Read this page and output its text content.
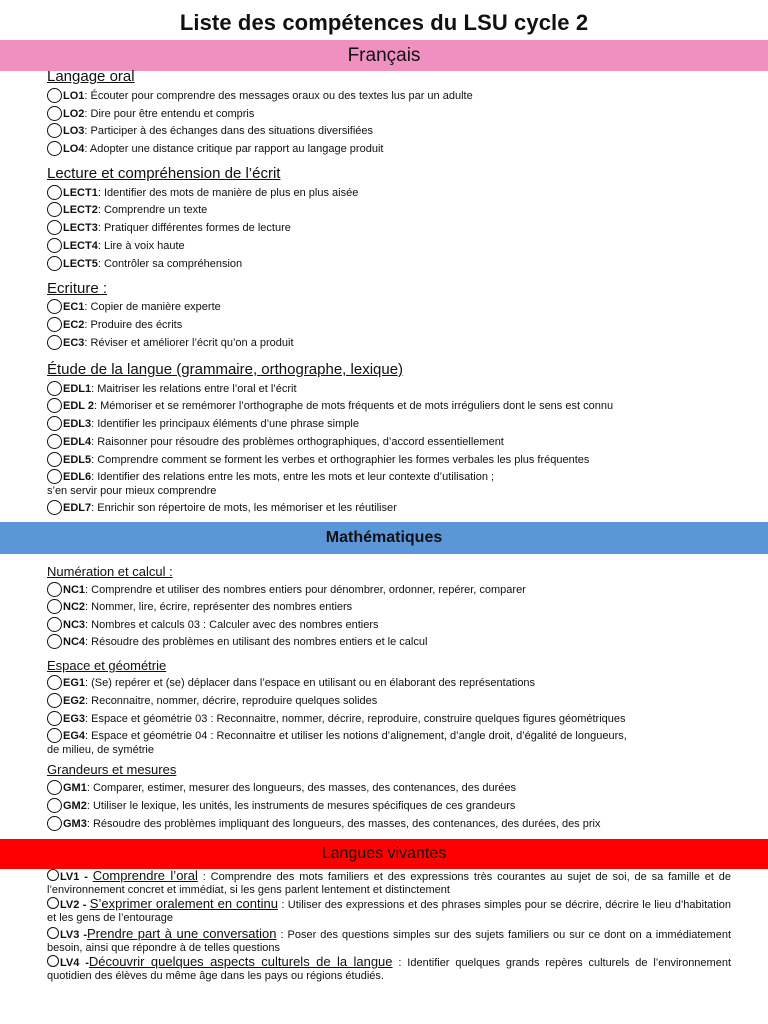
Liste des compétences du LSU cycle 2
Français
Langage oral
LO1 : Écouter pour comprendre des messages oraux ou des textes lus par un adulte
LO2 : Dire pour être entendu et compris
LO3 : Participer à des échanges dans des situations diversifiées
LO4 : Adopter une distance critique par rapport au langage produit
Lecture et compréhension de l’écrit
LECT1 : Identifier des mots de manière de plus en plus aisée
LECT2 : Comprendre un texte
LECT3 : Pratiquer différentes formes de lecture
LECT4 : Lire à voix haute
LECT5 : Contrôler sa compréhension
Ecriture :
EC1 : Copier de manière experte
EC2 : Produire des écrits
EC3 : Réviser et améliorer l’écrit qu’on a produit
Étude de la langue (grammaire, orthographe, lexique)
EDL1 : Maitriser les relations entre l’oral et l’écrit
EDL 2 : Mémoriser et se remémorer l’orthographe de mots fréquents et de mots irréguliers dont le sens est connu
EDL3 : Identifier les principaux éléments d’une phrase simple
EDL4 : Raisonner pour résoudre des problèmes orthographiques, d’accord essentiellement
EDL5 : Comprendre comment se forment les verbes et orthographier les formes verbales les plus fréquentes
EDL6 : Identifier des relations entre les mots, entre les mots et leur contexte d’utilisation ;
s’en servir pour mieux comprendre
EDL7 : Enrichir son répertoire de mots, les mémoriser et les réutiliser
Mathématiques
Numération et calcul :
NC1 : Comprendre et utiliser des nombres entiers pour dénombrer, ordonner, repérer, comparer
NC2 : Nommer, lire, écrire, représenter des nombres entiers
NC3 : Nombres et calculs 03 : Calculer avec des nombres entiers
NC4 : Résoudre des problèmes en utilisant des nombres entiers et le calcul
Espace et géométrie
EG1 : (Se) repérer et (se) déplacer dans l’espace en utilisant ou en élaborant des représentations
EG2 : Reconnaitre, nommer, décrire, reproduire quelques solides
EG3 : Espace et géométrie 03 : Reconnaitre, nommer, décrire, reproduire, construire quelques figures géométriques
EG4 : Espace et géométrie 04 : Reconnaitre et utiliser les notions d’alignement, d’angle droit, d’égalité de longueurs,
de milieu, de symétrie
Grandeurs et mesures
GM1 : Comparer, estimer, mesurer des longueurs, des masses, des contenances, des durées
GM2 : Utiliser le lexique, les unités, les instruments de mesures spécifiques de ces grandeurs
GM3 : Résoudre des problèmes impliquant des longueurs, des masses, des contenances, des durées, des prix
Langues vivantes
LV1 - Comprendre l’oral : Comprendre des mots familiers et des expressions très courantes au sujet de soi, de sa famille et de l’environnement concret et immédiat, si les gens parlent lentement et distinctement
LV2 - S’exprimer oralement en continu : Utiliser des expressions et des phrases simples pour se décrire, décrire le lieu d’habitation et les gens de l’entourage
LV3 -Prendre part à une conversation : Poser des questions simples sur des sujets familiers ou sur ce dont on a immédiatement besoin, ainsi que répondre à de telles questions
LV4 -Découvrir quelques aspects culturels de la langue : Identifier quelques grands repères culturels de l’environnement quotidien des élèves du même âge dans les pays ou régions étudiés.
